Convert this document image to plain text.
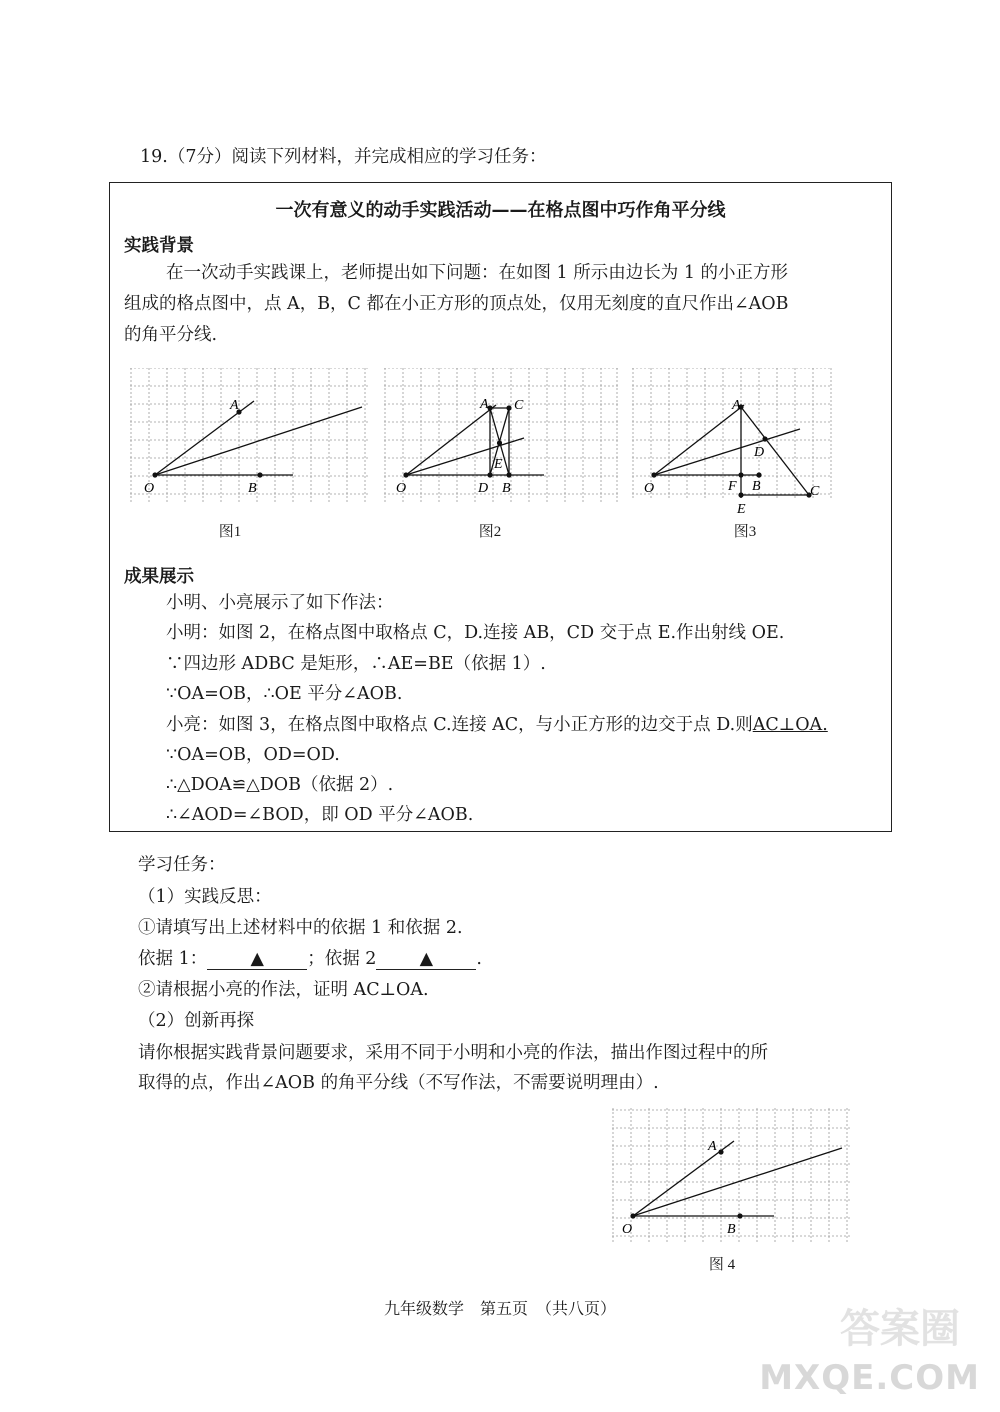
19.（7分）阅读下列材料，并完成相应的学习任务：
一次有意义的动手实践活动——在格点图中巧作角平分线
实践背景
在一次动手实践课上，老师提出如下问题：在如图 1 所示由边长为 1 的小正方形
组成的格点图中，点 A，B，C 都在小正方形的顶点处，仅用无刻度的直尺作出∠AOB
的角平分线.
O
A
B
图1
O
A C
E
D B
图2
O
A
D
F B	C
E
图3
成果展示
小明、小亮展示了如下作法：
小明：如图 2，在格点图中取格点 C，D.连接 AB，CD 交于点 E.作出射线 OE.
∵四边形 ADBC 是矩形，∴AE=BE（依据 1）.
∵OA=OB，∴OE 平分∠AOB.
小亮：如图 3，在格点图中取格点 C.连接 AC，与小正方形的边交于点 D.则AC⊥OA.
∵OA=OB，OD=OD.
∴△DOA≌△DOB（依据 2）.
∴∠AOD=∠BOD，即 OD 平分∠AOB.
学习任务：
（1）实践反思：
①请填写出上述材料中的依据 1 和依据 2.
依据 1： ▲ ；依据 2 ▲ .
②请根据小亮的作法，证明 AC⊥OA.
（2）创新再探
请你根据实践背景问题要求，采用不同于小明和小亮的作法，描出作图过程中的所
取得的点，作出∠AOB 的角平分线（不写作法，不需要说明理由）.
O
A
B
图 4
九年级数学　第五页　（共八页）	答案圈
MXQE.COM
